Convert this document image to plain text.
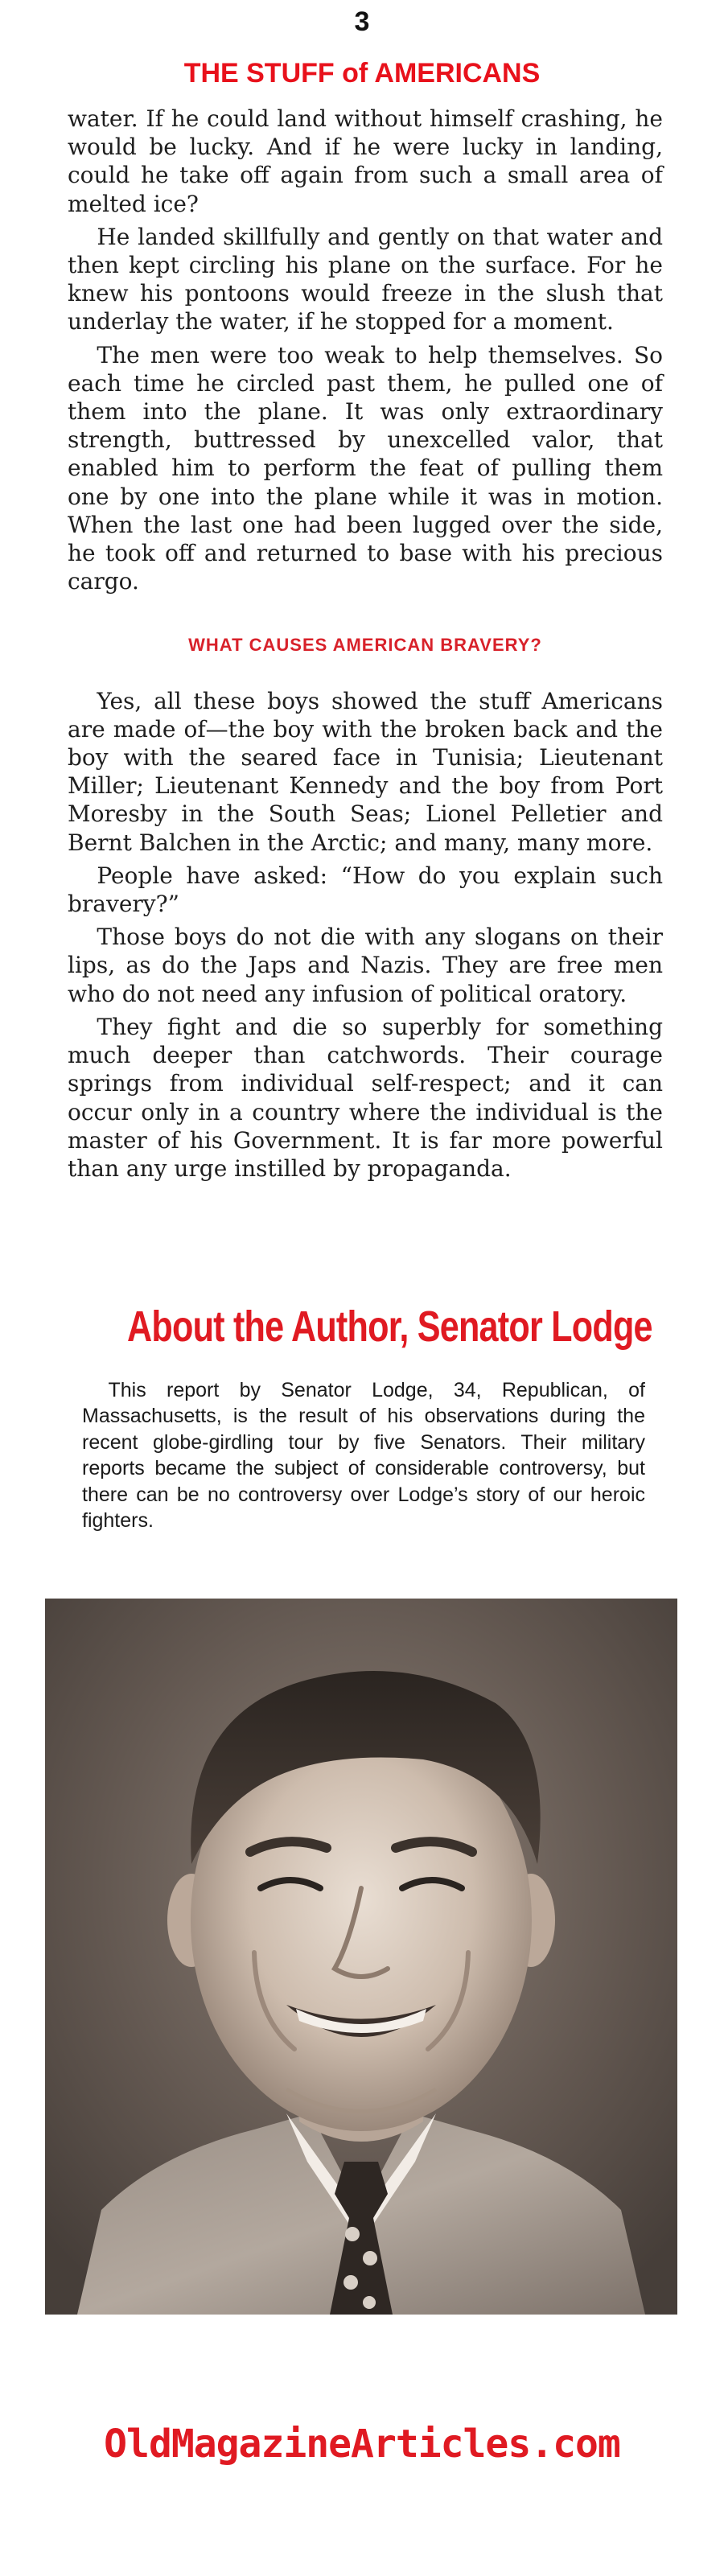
3
THE STUFF of AMERICANS

water. If he could land without himself crashing, he would be lucky. And if he were lucky in landing, could he take off again from such a small area of melted ice?

He landed skillfully and gently on that water and then kept circling his plane on the surface. For he knew his pontoons would freeze in the slush that underlay the water, if he stopped for a moment.

The men were too weak to help themselves. So each time he circled past them, he pulled one of them into the plane. It was only extraordinary strength, buttressed by unexcelled valor, that enabled him to perform the feat of pulling them one by one into the plane while it was in motion. When the last one had been lugged over the side, he took off and returned to base with his precious cargo.

WHAT CAUSES AMERICAN BRAVERY?

Yes, all these boys showed the stuff Americans are made of—the boy with the broken back and the boy with the seared face in Tunisia; Lieutenant Miller; Lieutenant Kennedy and the boy from Port Moresby in the South Seas; Lionel Pelletier and Bernt Balchen in the Arctic; and many, many more.

People have asked: “How do you explain such bravery?”

Those boys do not die with any slogans on their lips, as do the Japs and Nazis. They are free men who do not need any infusion of political oratory.

They fight and die so superbly for something much deeper than catchwords. Their courage springs from individual self-respect; and it can occur only in a country where the individual is the master of his Government. It is far more powerful than any urge instilled by propaganda.

About the Author, Senator Lodge

This report by Senator Lodge, 34, Republican, of Massachusetts, is the result of his observations during the recent globe-girdling tour by five Senators. Their military reports became the subject of considerable controversy, but there can be no controversy over Lodge’s story of our heroic fighters.

OldMagazineArticles.com
